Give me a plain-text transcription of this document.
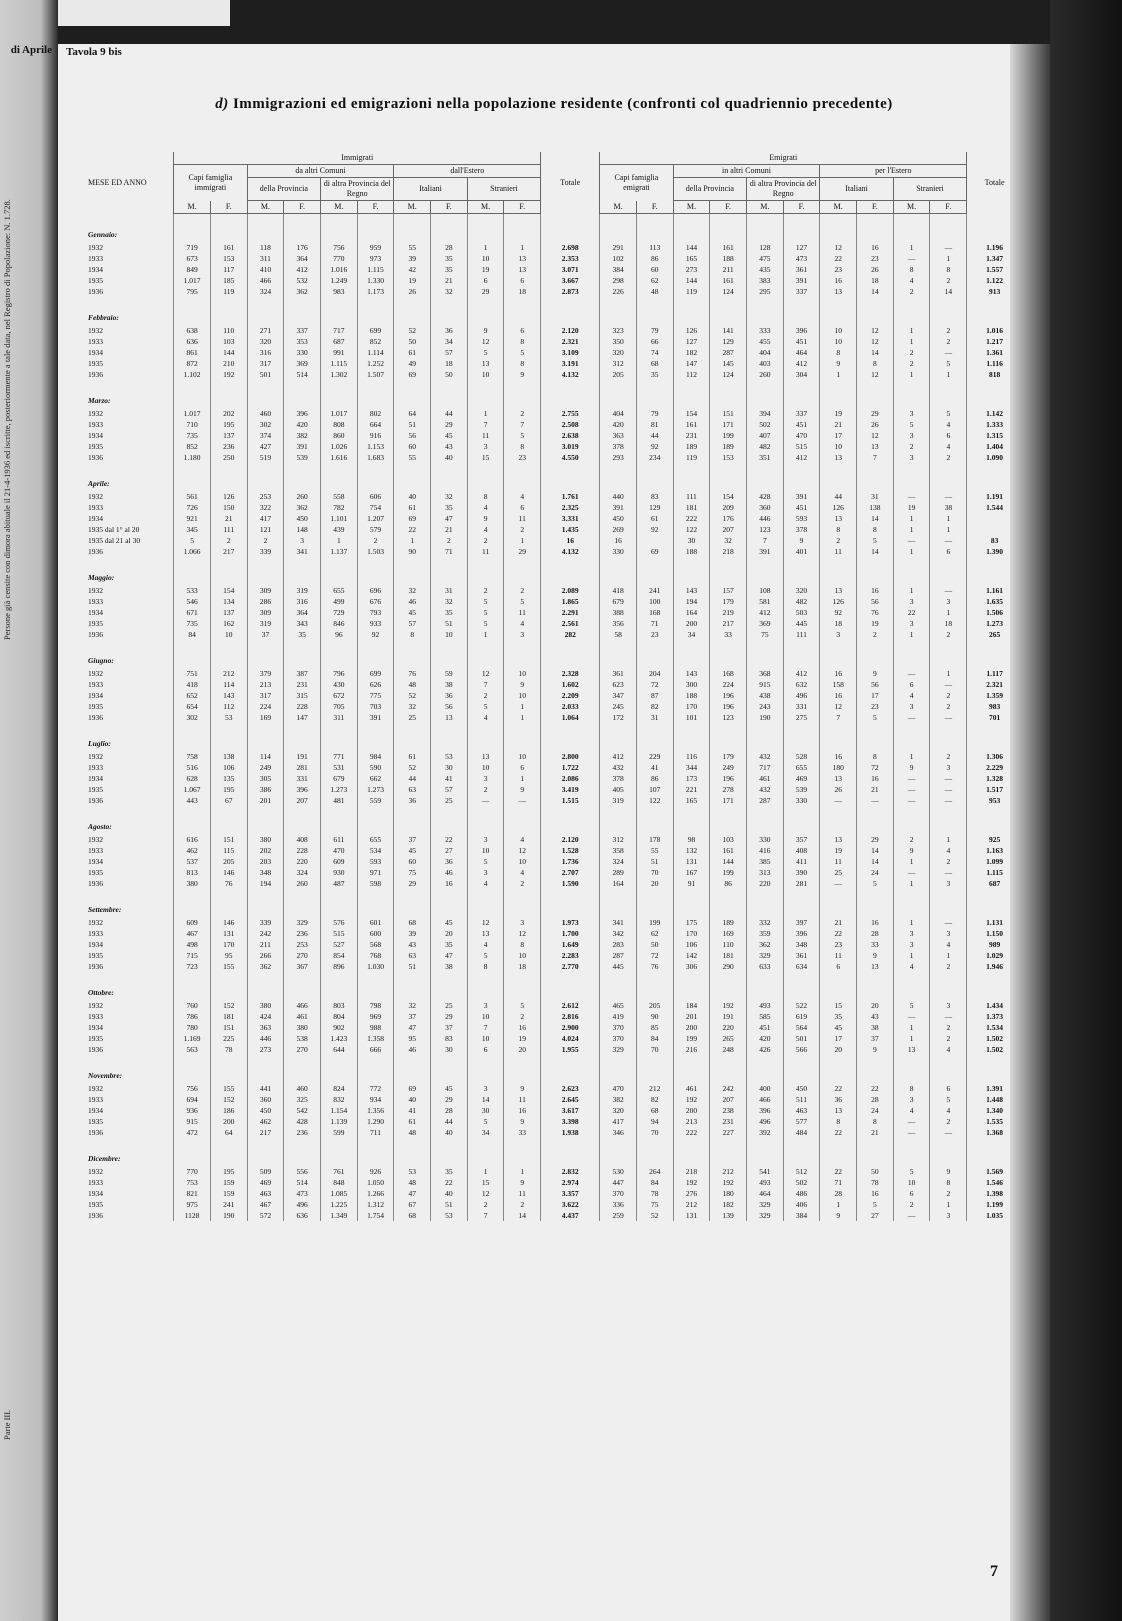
di Aprile
Persone già censite con dimora abituale il 21-4-1936 ed iscritte, posteriormente a tale data, nel Registro di Popolazione: N. 1.728.
Parte III.
Tavola 9 bis
d) Immigrazioni ed emigrazioni nella popolazione residente (confronti col quadriennio precedente)
MESE ED ANNO	Immigrati										Totale	Emigrati										Totale
	Capi famiglia immigrati		da altri Comuni				dall'Estero					Capi famiglia emigrati		in altri Comuni				per l'Estero				
			della Provincia		di altra Provincia del Regno		Italiani		Stranieri					della Provincia		di altra Provincia del Regno		Italiani		Stranieri		
	M.	F.	M.	F.	M.	F.	M.	F.	M.	F.		M.	F.	M.	F.	M.	F.	M.	F.	M.	F.	
Gennaio:																						
1932	719	161	118	176	756	959	55	28	1	1	2.698	291	113	144	161	128	127	12	16	1	—	1.196
1933	673	153	311	364	770	973	39	35	10	13	2.353	102	86	165	188	475	473	22	23	—	1	1.347
1934	849	117	410	412	1.016	1.115	42	35	19	13	3.071	384	60	273	211	435	361	23	26	8	8	1.557
1935	1.017	185	466	532	1.249	1.330	19	21	6	6	3.667	298	62	144	161	383	391	16	18	4	2	1.122
1936	795	119	324	362	983	1.173	26	32	29	18	2.873	226	48	119	124	295	337	13	14	2	14	913
Febbraio:																						
1932	638	110	271	337	717	699	52	36	9	6	2.120	323	79	126	141	333	396	10	12	1	2	1.016
1933	636	103	320	353	687	852	50	34	12	8	2.321	350	66	127	129	455	451	10	12	1	2	1.217
1934	861	144	316	330	991	1.114	61	57	5	5	3.109	320	74	182	287	404	464	8	14	2	—	1.361
1935	872	210	317	369	1.115	1.252	49	18	13	8	3.191	312	68	147	145	403	412	9	8	2	5	1.116
1936	1.102	192	501	514	1.302	1.507	69	50	10	9	4.132	205	35	112	124	260	304	1	12	1	1	818
Marzo:																						
1932	1.017	202	460	396	1.017	802	64	44	1	2	2.755	404	79	154	151	394	337	19	29	3	5	1.142
1933	710	195	302	420	808	664	51	29	7	7	2.508	420	81	161	171	502	451	21	26	5	4	1.333
1934	735	137	374	382	860	916	56	45	11	5	2.638	363	44	231	199	407	470	17	12	3	6	1.315
1935	852	236	427	391	1.026	1.153	60	43	3	8	3.019	378	92	189	189	482	515	10	13	2	4	1.404
1936	1.180	250	519	539	1.616	1.683	55	40	15	23	4.550	293	234	119	153	351	412	13	7	3	2	1.090
Aprile:																						
1932	561	126	253	260	558	606	40	32	8	4	1.761	440	83	111	154	428	391	44	31	—	—	1.191
1933	726	150	322	362	782	754	61	35	4	6	2.325	391	129	181	209	360	451	126	138	19	38	1.544
1934	921	21	417	450	1.101	1.207	69	47	9	11	3.331	450	61	222	176	446	593	13	14	1	1	
1935 dal 1° al 20	345	111	121	148	439	579	22	21	4	2	1.435	269	92	122	207	123	378	8	8	1	1	
1935 dal 21 al 30	5	2	2	3	1	2	1	2	2	1	16	16		30	32	7	9	2	5	—	—	83
1936	1.066	217	339	341	1.137	1.503	90	71	11	29	4.132	330	69	188	218	391	401	11	14	1	6	1.390
Maggio:																						
1932	533	154	309	319	655	696	32	31	2	2	2.089	418	241	143	157	108	320	13	16	1	—	1.161
1933	546	134	286	316	499	676	46	32	5	5	1.865	679	100	194	179	581	482	126	56	3	3	1.635
1934	671	137	309	364	729	793	45	35	5	11	2.291	388	168	164	219	412	503	92	76	22	1	1.506
1935	735	162	319	343	846	933	57	51	5	4	2.561	356	71	200	217	369	445	18	19	3	18	1.273
1936	84	10	37	35	96	92	8	10	1	3	282	58	23	34	33	75	111	3	2	1	2	265
Giugno:																						
1932	751	212	379	387	796	699	76	59	12	10	2.328	361	204	143	168	368	412	16	9	—	1	1.117
1933	418	114	213	231	430	626	48	38	7	9	1.602	623	72	300	224	915	632	158	56	6	—	2.321
1934	652	143	317	315	672	775	52	36	2	10	2.209	347	87	188	196	438	496	16	17	4	2	1.359
1935	654	112	224	228	705	703	32	56	5	1	2.033	245	82	170	196	243	331	12	23	3	2	983
1936	302	53	169	147	311	391	25	13	4	1	1.064	172	31	101	123	190	275	7	5	—	—	701
Luglio:																						
1932	758	138	114	191	771	984	61	53	13	10	2.800	412	229	116	179	432	528	16	8	1	2	1.306
1933	516	106	249	281	531	590	52	30	10	6	1.722	432	41	344	249	717	655	180	72	9	3	2.229
1934	628	135	305	331	679	662	44	41	3	1	2.086	378	86	173	196	461	469	13	16	—	—	1.328
1935	1.067	195	386	396	1.273	1.273	63	57	2	9	3.419	405	107	221	278	432	539	26	21	—	—	1.517
1936	443	67	201	207	481	559	36	25	—	—	1.515	319	122	165	171	287	330	—	—	—	—	953
Agosto:																						
1932	616	151	380	408	611	655	37	22	3	4	2.120	312	178	98	103	330	357	13	29	2	1	925
1933	462	115	202	228	470	534	45	27	10	12	1.528	358	55	132	161	416	408	19	14	9	4	1.163
1934	537	205	203	220	609	593	60	36	5	10	1.736	324	51	131	144	385	411	11	14	1	2	1.099
1935	813	146	348	324	930	971	75	46	3	4	2.707	289	70	167	199	313	390	25	24	—	—	1.115
1936	380	76	194	260	487	598	29	16	4	2	1.590	164	20	91	86	220	281	—	5	1	3	687
Settembre:																						
1932	609	146	339	329	576	601	68	45	12	3	1.973	341	199	175	189	332	397	21	16	1	—	1.131
1933	467	131	242	236	515	600	39	20	13	12	1.700	342	62	170	169	359	396	22	28	3	3	1.150
1934	498	170	211	253	527	568	43	35	4	8	1.649	283	50	106	110	362	348	23	33	3	4	989
1935	715	95	266	270	854	768	63	47	5	10	2.283	287	72	142	181	329	361	11	9	1	1	1.029
1936	723	155	362	367	896	1.030	51	38	8	18	2.770	445	76	306	290	633	634	6	13	4	2	1.946
Ottobre:																						
1932	760	152	380	466	803	798	32	25	3	5	2.612	465	205	184	192	493	522	15	20	5	3	1.434
1933	786	181	424	461	804	969	37	29	10	2	2.816	419	90	201	191	585	619	35	43	—	—	1.373
1934	780	151	363	380	902	988	47	37	7	16	2.900	370	85	200	220	451	564	45	38	1	2	1.534
1935	1.169	225	446	538	1.423	1.358	95	83	10	19	4.024	370	84	199	265	420	501	17	37	1	2	1.502
1936	563	78	273	270	644	666	46	30	6	20	1.955	329	70	216	248	426	566	20	9	13	4	1.502
Novembre:																						
1932	756	155	441	460	824	772	69	45	3	9	2.623	470	212	461	242	400	450	22	22	8	6	1.391
1933	694	152	360	325	832	934	40	29	14	11	2.645	382	82	192	207	466	511	36	28	3	5	1.448
1934	936	186	450	542	1.154	1.356	41	28	30	16	3.617	320	68	200	238	396	463	13	24	4	4	1.340
1935	915	200	462	428	1.139	1.290	61	44	5	9	3.398	417	94	213	231	496	577	8	8	—	2	1.535
1936	472	64	217	236	599	711	48	40	34	33	1.938	346	70	222	227	392	484	22	21	—	—	1.368
Dicembre:																						
1932	770	195	509	556	761	926	53	35	1	1	2.832	530	264	218	212	541	512	22	50	5	9	1.569
1933	753	159	469	514	848	1.050	48	22	15	9	2.974	447	84	192	192	493	502	71	78	10	8	1.546
1934	821	159	463	473	1.085	1.266	47	40	12	11	3.357	370	78	276	180	464	486	28	16	6	2	1.398
1935	975	241	467	496	1.225	1.312	67	51	2	2	3.622	336	75	212	182	329	406	1	5	2	1	1.199
1936	1128	190	572	636	1.349	1.754	68	53	7	14	4.437	259	52	131	139	329	384	9	27	—	3	1.035
7
